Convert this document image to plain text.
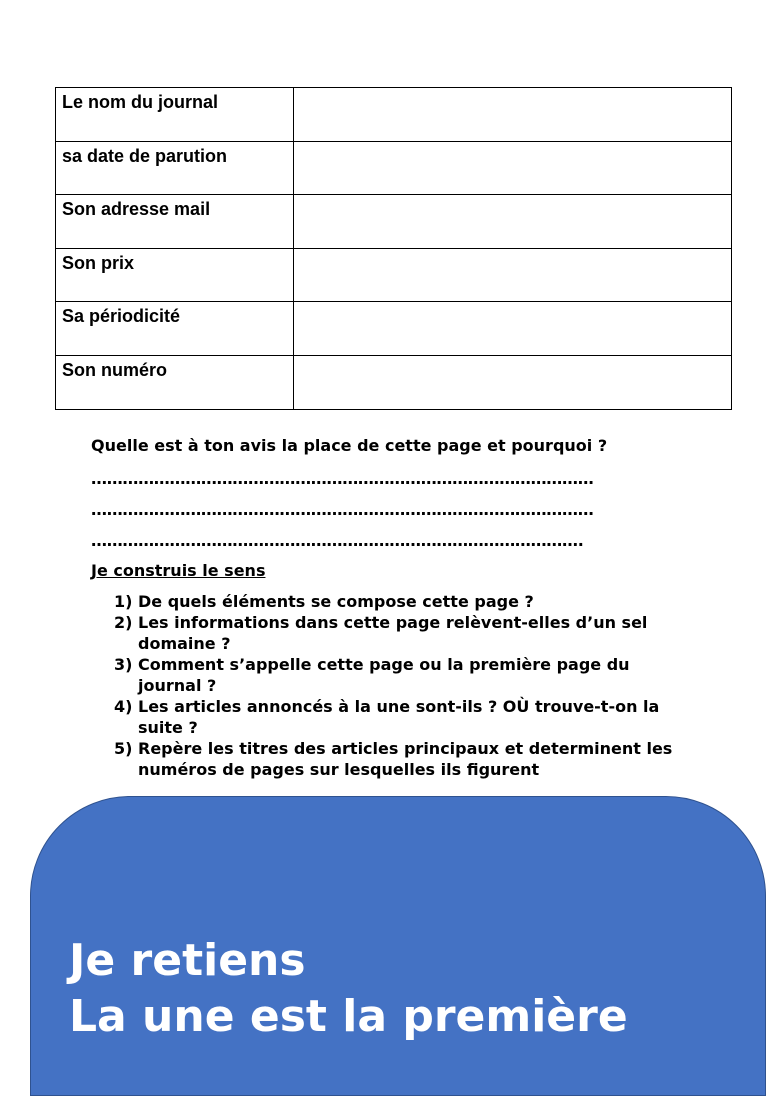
Le nom du journal	
sa date de parution	
Son adresse mail	
Son prix	
Sa périodicité	
Son numéro	
Quelle est à ton avis la place de cette page et pourquoi ?
……………………………………………………………………………………
……………………………………………………………………………………
………………………………………………………………………………….
Je construis le sens
1) De quels éléments se compose cette page ?
2) Les informations dans cette page relèvent-elles d’un sel domaine ?
3) Comment s’appelle cette page ou la première page du journal ?
4) Les articles annoncés à la une sont-ils ? OÙ trouve-t-on la suite ?
5) Repère les titres des articles principaux et determinent les numéros de pages sur lesquelles ils figurent
Je retiens
La une est la première
